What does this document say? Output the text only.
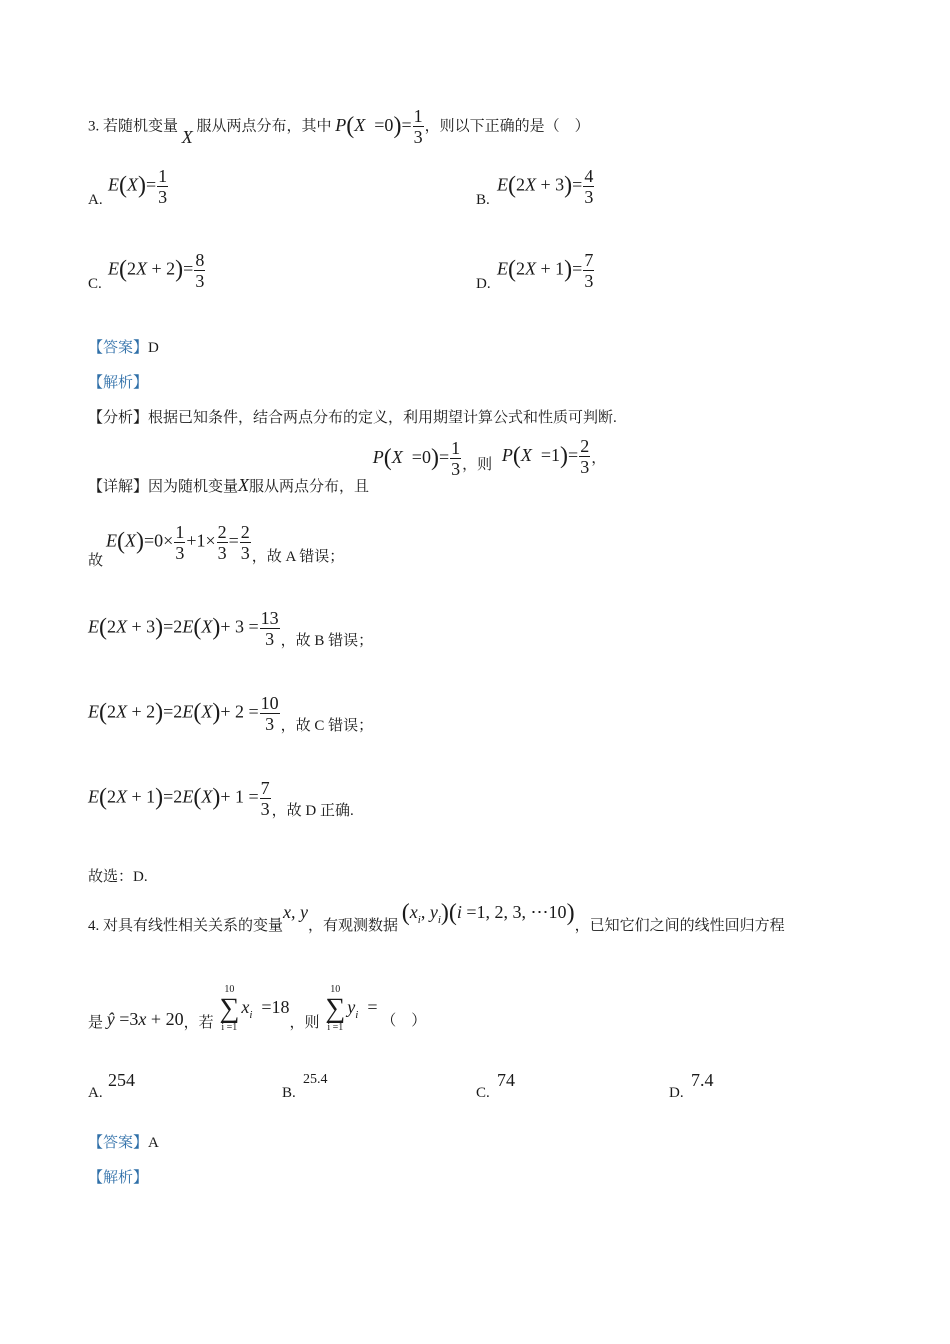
3. 若随机变量 X 服从两点分布，其中 $P(X =0)= \frac{1}{3}$ ，则以下正确的是（　）
A.
$E(X)= \frac{1}{3}$	B.
$E(2X + 3)= \frac{4}{3}$
C.
$E(2X + 2)= \frac{8}{3}$	D.
$E(2X + 1)= \frac{7}{3}$
【答案】D
【解析】
【分析】根据已知条件，结合两点分布的定义，利用期望计算公式和性质可判断.
【详解】因为随机变量X服从两点分布，且 $P(X =0)= \frac{1}{3}$ ，则 $P(X =1)= \frac{2}{3}$ ，
故
$E(X)=0\times \frac{1}{3} +1\times \frac{2}{3} = \frac{2}{3} _{,故 A 错误;}$
$E(2X + 3)=2E(X)+ 3 = \frac{13}{3} _{,故 B 错误;}$
$E(2X + 2)=2E(X)+ 2 = \frac{10}{3} _{,故 C 错误;}$
$E(2X + 1)=2E(X)+ 1 = \frac{7}{3} _{,故 D 正确.}$
故选：D.
4. 对具有线性相关关系的变量x, y，有观测数据 ($x_i$, $y_i)(i =1$, 2, 3, ⋯10)，已知它们之间的线性回归方程
是 ŷ =3x + 20，若
10
∑
i =1
$x_i =18$，则
10
∑
i =1
$y_i$  = （　）
A.
254
B.
25.4
C.
74
D.
7.4
【答案】A
【解析】
